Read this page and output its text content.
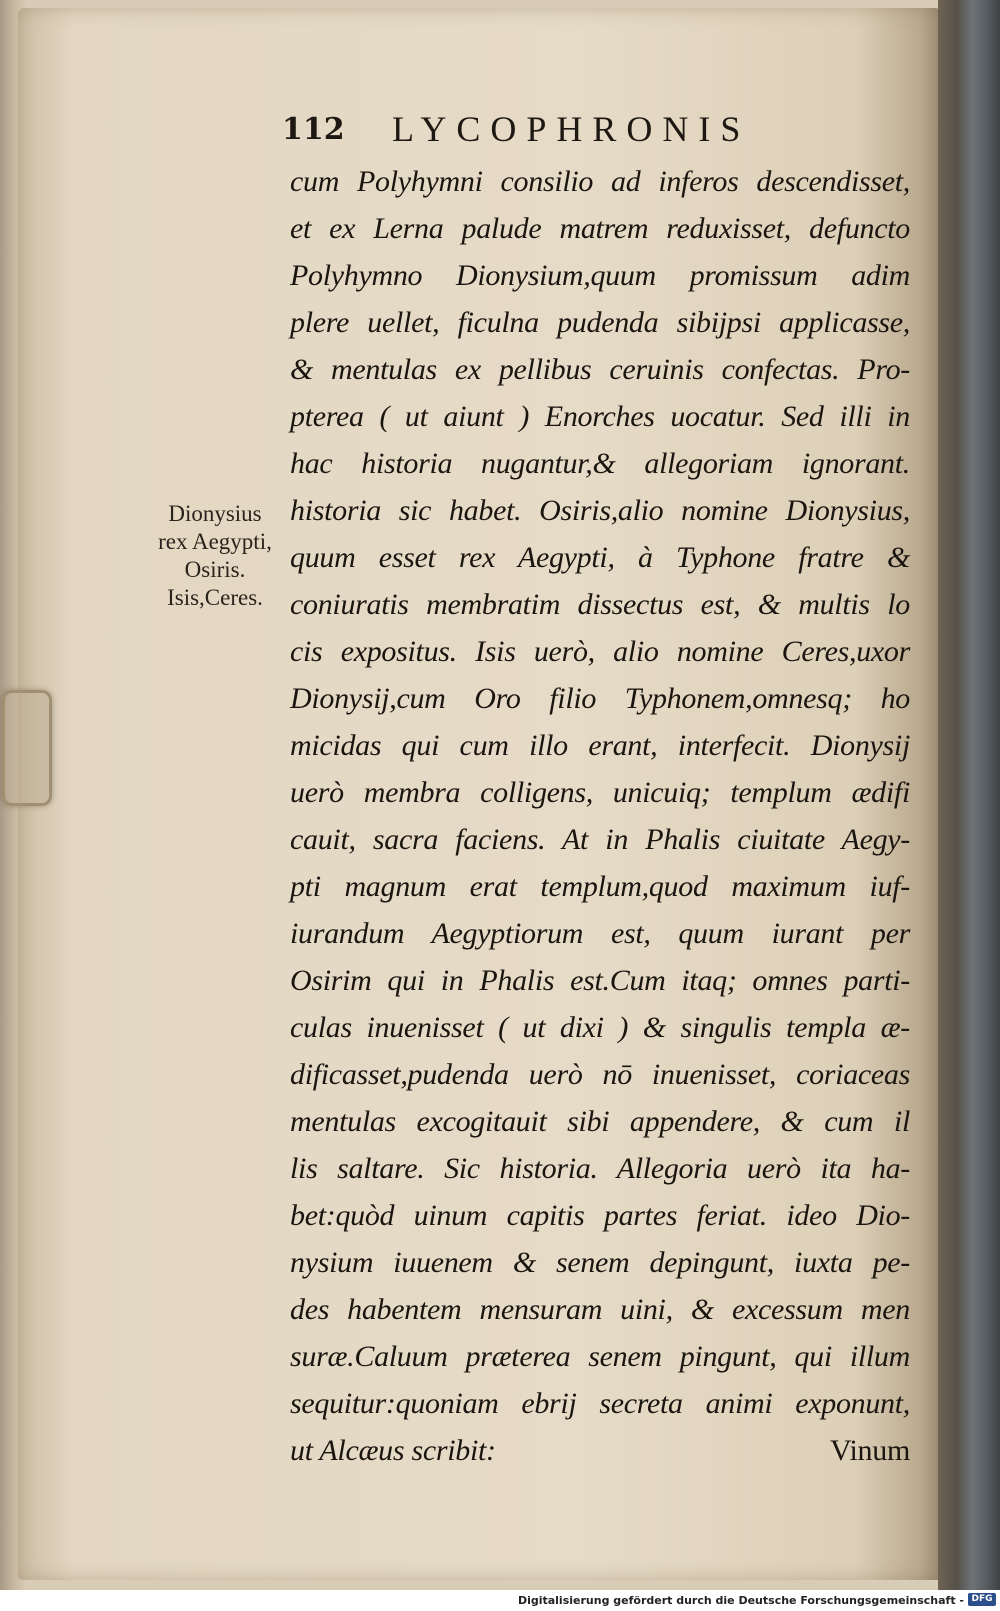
112 LYCOPHRONIS
Dionysius
rex Aegypti,
Osiris.
Isis,Ceres.
cum Polyhymni consilio ad inferos descendisset,
et ex Lerna palude matrem reduxisset, defuncto
Polyhymno Dionysium,quum promissum adim
plere uellet, ficulna pudenda sibijpsi applicasse,
& mentulas ex pellibus ceruinis confectas. Pro-
pterea ( ut aiunt ) Enorches uocatur. Sed illi in
hac historia nugantur,& allegoriam ignorant.
historia sic habet. Osiris,alio nomine Dionysius,
quum esset rex Aegypti, à Typhone fratre &
coniuratis membratim dissectus est, & multis lo
cis expositus. Isis uerò, alio nomine Ceres,uxor
Dionysij,cum Oro filio Typhonem,omnesq; ho
micidas qui cum illo erant, interfecit. Dionysij
uerò membra colligens, unicuiq; templum ædifi
cauit, sacra faciens. At in Phalis ciuitate Aegy-
pti magnum erat templum,quod maximum iuf-
iurandum Aegyptiorum est, quum iurant per
Osirim qui in Phalis est.Cum itaq; omnes parti-
culas inuenisset ( ut dixi ) & singulis templa æ-
dificasset,pudenda uerò nō inuenisset, coriaceas
mentulas excogitauit sibi appendere, & cum il
lis saltare. Sic historia. Allegoria uerò ita ha-
bet:quòd uinum capitis partes feriat. ideo Dio-
nysium iuuenem & senem depingunt, iuxta pe-
des habentem mensuram uini, & excessum men
suræ.Caluum præterea senem pingunt, qui illum
sequitur:quoniam ebrij secreta animi exponunt,
ut Alcæus scribit:	Vinum
Digitalisierung gefördert durch die Deutsche Forschungsgemeinschaft - DFG
